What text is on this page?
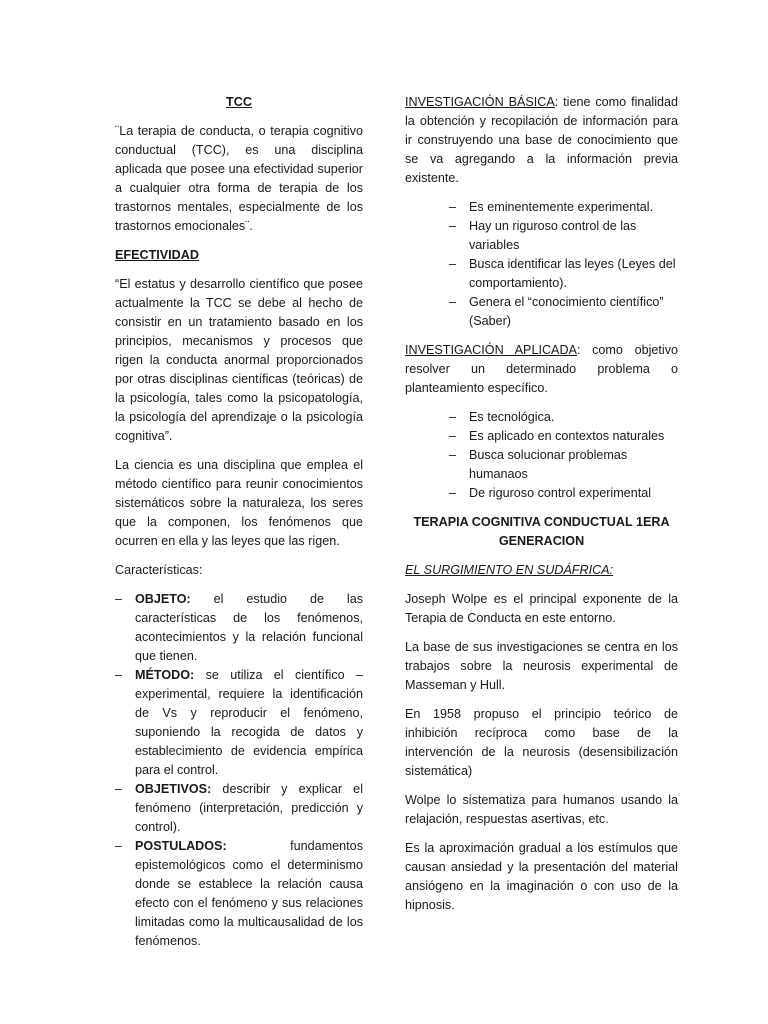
TCC

¨La terapia de conducta, o terapia cognitivo conductual (TCC), es una disciplina aplicada que posee una efectividad superior a cualquier otra forma de terapia de los trastornos mentales, especialmente de los trastornos emocionales¨.

EFECTIVIDAD

“El estatus y desarrollo científico que posee actualmente la TCC se debe al hecho de consistir en un tratamiento basado en los principios, mecanismos y procesos que rigen la conducta anormal proporcionados por otras disciplinas científicas (teóricas) de la psicología, tales como la psicopatología, la psicología del aprendizaje o la psicología cognitiva”.

La ciencia es una disciplina que emplea el método científico para reunir conocimientos sistemáticos sobre la naturaleza, los seres que la componen, los fenómenos que ocurren en ella y las leyes que las rigen.

Características:

– OBJETO: el estudio de las características de los fenómenos, acontecimientos y la relación funcional que tienen.
– MÉTODO: se utiliza el científico – experimental, requiere la identificación de Vs y reproducir el fenómeno, suponiendo la recogida de datos y establecimiento de evidencia empírica para el control.
– OBJETIVOS: describir y explicar el fenómeno (interpretación, predicción y control).
– POSTULADOS: fundamentos epistemológicos como el determinismo donde se establece la relación causa efecto con el fenómeno y sus relaciones limitadas como la multicausalidad de los fenómenos.

INVESTIGACIÓN BÁSICA: tiene como finalidad la obtención y recopilación de información para ir construyendo una base de conocimiento que se va agregando a la información previa existente.

– Es eminentemente experimental.
– Hay un riguroso control de las variables
– Busca identificar las leyes (Leyes del comportamiento).
– Genera el “conocimiento científico” (Saber)

INVESTIGACIÓN APLICADA: como objetivo resolver un determinado problema o planteamiento específico.

– Es tecnológica.
– Es aplicado en contextos naturales
– Busca solucionar problemas humanaos
– De riguroso control experimental

TERAPIA COGNITIVA CONDUCTUAL 1ERA GENERACION

EL SURGIMIENTO EN SUDÁFRICA:

Joseph Wolpe es el principal exponente de la Terapia de Conducta en este entorno.

La base de sus investigaciones se centra en los trabajos sobre la neurosis experimental de Masseman y Hull.

En 1958 propuso el principio teórico de inhibición recíproca como base de la intervención de la neurosis (desensibilización sistemática)

Wolpe lo sistematiza para humanos usando la relajación, respuestas asertivas, etc.

Es la aproximación gradual a los estímulos que causan ansiedad y la presentación del material ansiógeno en la imaginación o con uso de la hipnosis.
